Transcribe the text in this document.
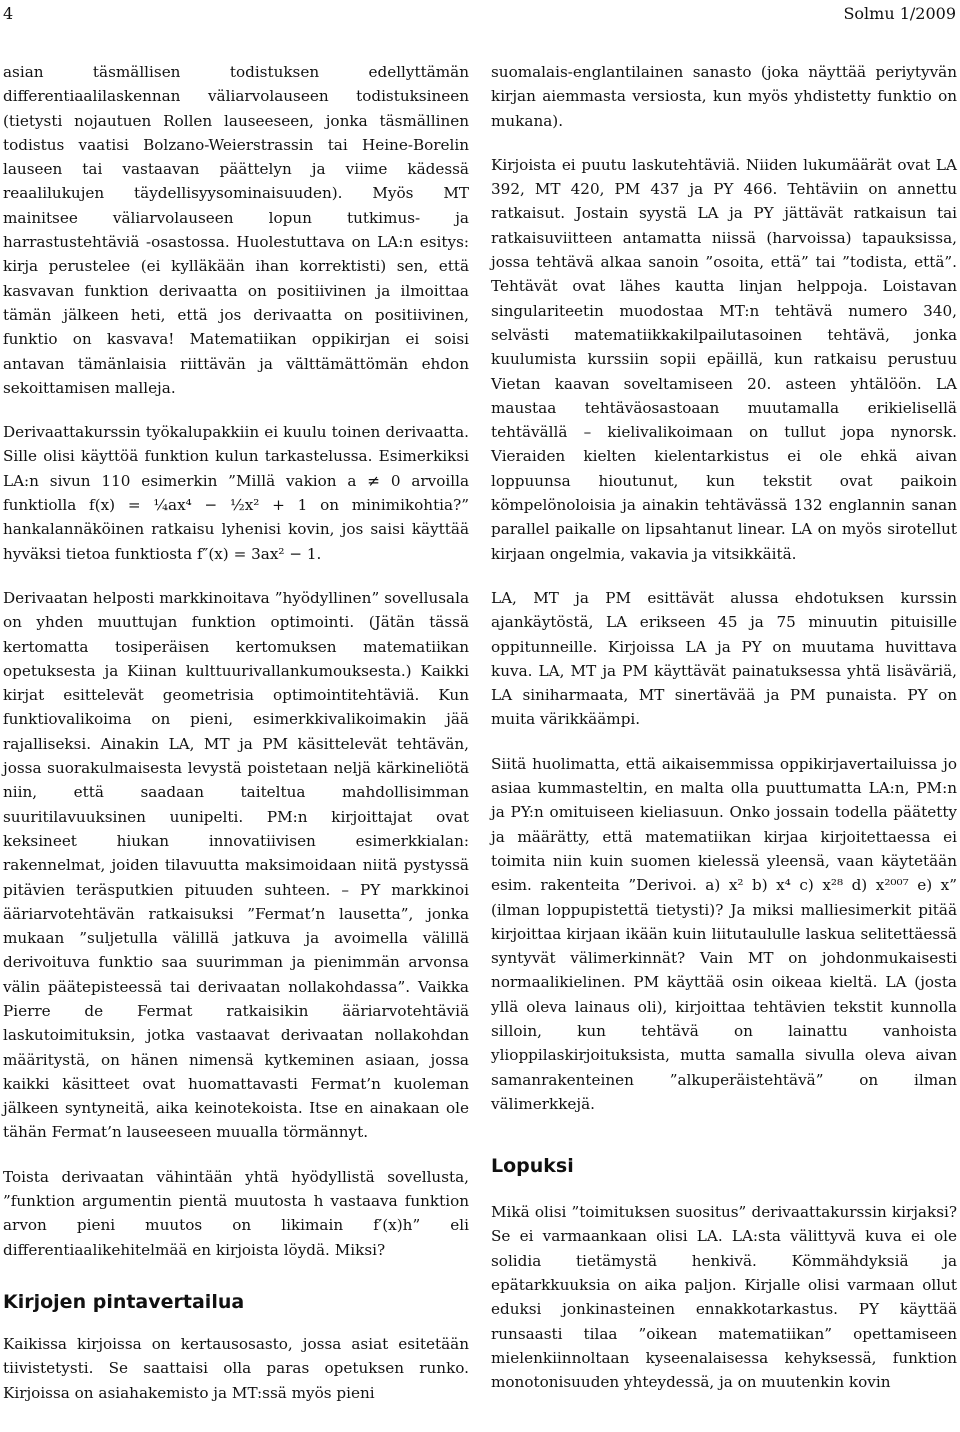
4	Solmu 1/2009

asian täsmällisen todistuksen edellyttämän differentiaalilaskennan väliarvolauseen todistuksineen (tietysti nojautuen Rollen lauseeseen, jonka täsmällinen todistus vaatisi Bolzano-Weierstrassin tai Heine-Borelin lauseen tai vastaavan päättelyn ja viime kädessä reaalilukujen täydellisyysominaisuuden). Myös MT mainitsee väliarvolauseen lopun tutkimus- ja harrastustehtäviä -osastossa. Huolestuttava on LA:n esitys: kirja perustelee (ei kylläkään ihan korrektisti) sen, että kasvavan funktion derivaatta on positiivinen ja ilmoittaa tämän jälkeen heti, että jos derivaatta on positiivinen, funktio on kasvava! Matematiikan oppikirjan ei soisi antavan tämänlaisia riittävän ja välttämättömän ehdon sekoittamisen malleja.

Derivaattakurssin työkalupakkiin ei kuulu toinen derivaatta. Sille olisi käyttöä funktion kulun tarkastelussa. Esimerkiksi LA:n sivun 110 esimerkin ”Millä vakion a ≠ 0 arvoilla funktiolla f(x) = ¼ax⁴ − ½x² + 1 on minimikohtia?” hankalannäköinen ratkaisu lyhenisi kovin, jos saisi käyttää hyväksi tietoa funktiosta f″(x) = 3ax² − 1.

Derivaatan helposti markkinoitava ”hyödyllinen” sovellusala on yhden muuttujan funktion optimointi. (Jätän tässä kertomatta tosiperäisen kertomuksen matematiikan opetuksesta ja Kiinan kulttuurivallankumouksesta.) Kaikki kirjat esittelevät geometrisia optimointitehtäviä. Kun funktiovalikoima on pieni, esimerkkivalikoimakin jää rajalliseksi. Ainakin LA, MT ja PM käsittelevät tehtävän, jossa suorakulmaisesta levystä poistetaan neljä kärkineliötä niin, että saadaan taiteltua mahdollisimman suuritilavuuksinen uunipelti. PM:n kirjoittajat ovat keksineet hiukan innovatiivisen esimerkkialan: rakennelmat, joiden tilavuutta maksimoidaan niitä pystyssä pitävien teräsputkien pituuden suhteen. – PY markkinoi ääriarvotehtävän ratkaisuksi ”Fermat’n lausetta”, jonka mukaan ”suljetulla välillä jatkuva ja avoimella välillä derivoituva funktio saa suurimman ja pienimmän arvonsa välin päätepisteessä tai derivaatan nollakohdassa”. Vaikka Pierre de Fermat ratkaisikin ääriarvotehtäviä laskutoimituksin, jotka vastaavat derivaatan nollakohdan määritystä, on hänen nimensä kytkeminen asiaan, jossa kaikki käsitteet ovat huomattavasti Fermat’n kuoleman jälkeen syntyneitä, aika keinotekoista. Itse en ainakaan ole tähän Fermat’n lauseeseen muualla törmännyt.

Toista derivaatan vähintään yhtä hyödyllistä sovellusta, ”funktion argumentin pientä muutosta h vastaava funktion arvon pieni muutos on likimain f′(x)h” eli differentiaalikehitelmää en kirjoista löydä. Miksi?

Kirjojen pintavertailua

Kaikissa kirjoissa on kertausosasto, jossa asiat esitetään tiivistetysti. Se saattaisi olla paras opetuksen runko. Kirjoissa on asiahakemisto ja MT:ssä myös pieni

suomalais-englantilainen sanasto (joka näyttää periytyvän kirjan aiemmasta versiosta, kun myös yhdistetty funktio on mukana).

Kirjoista ei puutu laskutehtäviä. Niiden lukumäärät ovat LA 392, MT 420, PM 437 ja PY 466. Tehtäviin on annettu ratkaisut. Jostain syystä LA ja PY jättävät ratkaisun tai ratkaisuviitteen antamatta niissä (harvoissa) tapauksissa, jossa tehtävä alkaa sanoin ”osoita, että” tai ”todista, että”. Tehtävät ovat lähes kautta linjan helppoja. Loistavan singulariteetin muodostaa MT:n tehtävä numero 340, selvästi matematiikkakilpailutasoinen tehtävä, jonka kuulumista kurssiin sopii epäillä, kun ratkaisu perustuu Vietan kaavan soveltamiseen 20. asteen yhtälöön. LA maustaa tehtäväosastoaan muutamalla erikielisellä tehtävällä – kielivalikoimaan on tullut jopa nynorsk. Vieraiden kielten kielentarkistus ei ole ehkä aivan loppuunsa hioutunut, kun tekstit ovat paikoin kömpelönoloisia ja ainakin tehtävässä 132 englannin sanan parallel paikalle on lipsahtanut linear. LA on myös sirotellut kirjaan ongelmia, vakavia ja vitsikkäitä.

LA, MT ja PM esittävät alussa ehdotuksen kurssin ajankäytöstä, LA erikseen 45 ja 75 minuutin pituisille oppitunneille. Kirjoissa LA ja PY on muutama huvittava kuva. LA, MT ja PM käyttävät painatuksessa yhtä lisäväriä, LA siniharmaata, MT sinertävää ja PM punaista. PY on muita värikkäämpi.

Siitä huolimatta, että aikaisemmissa oppikirjavertailuissa jo asiaa kummasteltin, en malta olla puuttumatta LA:n, PM:n ja PY:n omituiseen kieliasuun. Onko jossain todella päätetty ja määrätty, että matematiikan kirjaa kirjoitettaessa ei toimita niin kuin suomen kielessä yleensä, vaan käytetään esim. rakenteita ”Derivoi. a) x² b) x⁴ c) x²⁸ d) x²⁰⁰⁷ e) x” (ilman loppupistettä tietysti)? Ja miksi malliesimerkit pitää kirjoittaa kirjaan ikään kuin liitutaululle laskua selitettäessä syntyvät välimerkinnät? Vain MT on johdonmukaisesti normaalikielinen. PM käyttää osin oikeaa kieltä. LA (josta yllä oleva lainaus oli), kirjoittaa tehtävien tekstit kunnolla silloin, kun tehtävä on lainattu vanhoista ylioppilaskirjoituksista, mutta samalla sivulla oleva aivan samanrakenteinen ”alkuperäistehtävä” on ilman välimerkkejä.

Lopuksi

Mikä olisi ”toimituksen suositus” derivaattakurssin kirjaksi? Se ei varmaankaan olisi LA. LA:sta välittyvä kuva ei ole solidia tietämystä henkivä. Kömmähdyksiä ja epätarkkuuksia on aika paljon. Kirjalle olisi varmaan ollut eduksi jonkinasteinen ennakkotarkastus. PY käyttää runsaasti tilaa ”oikean matematiikan” opettamiseen mielenkiinnoltaan kyseenalaisessa kehyksessä, funktion monotonisuuden yhteydessä, ja on muutenkin kovin
